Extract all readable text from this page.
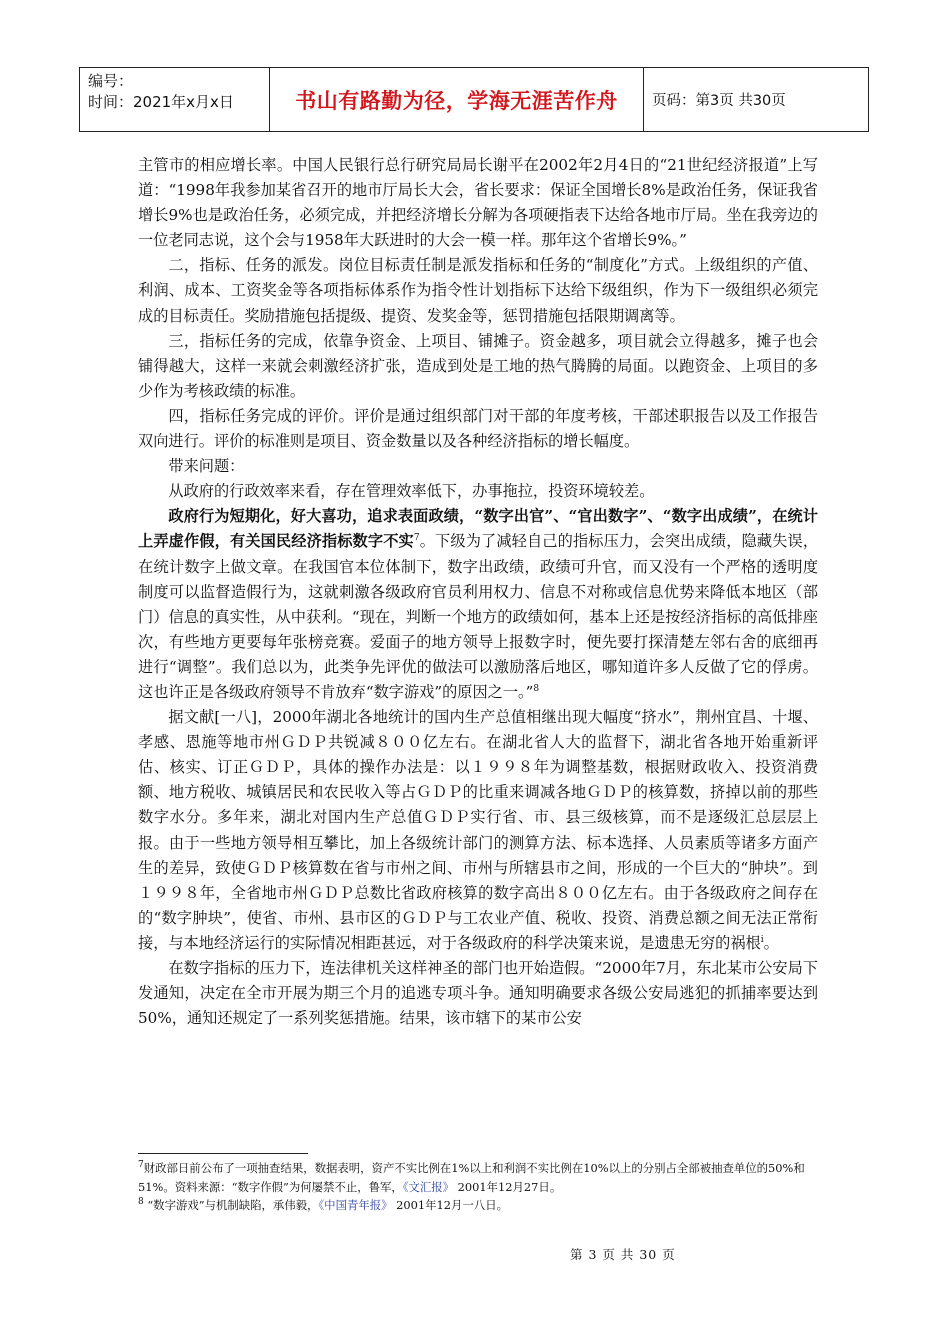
编号：
时间：2021年x月x日	书山有路勤为径，学海无涯苦作舟	页码：第3页 共30页

主管市的相应增长率。中国人民银行总行研究局局长谢平在2002年2月4日的“21世纪经济报道”上写道：“1998年我参加某省召开的地市厅局长大会，省长要求：保证全国增长8%是政治任务，保证我省增长9%也是政治任务，必须完成，并把经济增长分解为各项硬指表下达给各地市厅局。坐在我旁边的一位老同志说，这个会与1958年大跃进时的大会一模一样。那年这个省增长9%。”

二，指标、任务的派发。岗位目标责任制是派发指标和任务的“制度化”方式。上级组织的产值、利润、成本、工资奖金等各项指标体系作为指令性计划指标下达给下级组织，作为下一级组织必须完成的目标责任。奖励措施包括提级、提资、发奖金等，惩罚措施包括限期调离等。

三，指标任务的完成，依靠争资金、上项目、铺摊子。资金越多，项目就会立得越多，摊子也会铺得越大，这样一来就会刺激经济扩张，造成到处是工地的热气腾腾的局面。以跑资金、上项目的多少作为考核政绩的标准。

四，指标任务完成的评价。评价是通过组织部门对干部的年度考核，干部述职报告以及工作报告双向进行。评价的标准则是项目、资金数量以及各种经济指标的增长幅度。

带来问题：

从政府的行政效率来看，存在管理效率低下，办事拖拉，投资环境较差。

政府行为短期化，好大喜功，追求表面政绩，“数字出官”、“官出数字”、“数字出成绩”，在统计上弄虚作假，有关国民经济指标数字不实$^7$。下级为了减轻自己的指标压力，会突出成绩，隐藏失误，在统计数字上做文章。在我国官本位体制下，数字出政绩，政绩可升官，而又没有一个严格的透明度制度可以监督造假行为，这就刺激各级政府官员利用权力、信息不对称或信息优势来降低本地区（部门）信息的真实性，从中获利。“现在，判断一个地方的政绩如何，基本上还是按经济指标的高低排座次，有些地方更要每年张榜竞赛。爱面子的地方领导上报数字时，便先要打探清楚左邻右舍的底细再进行“调整”。我们总以为，此类争先评优的做法可以激励落后地区，哪知道许多人反做了它的俘虏。这也许正是各级政府领导不肯放弃“数字游戏”的原因之一。”$^8$

据文献[一八]，2000年湖北各地统计的国内生产总值相继出现大幅度“挤水”，荆州宜昌、十堰、孝感、恩施等地市州ＧＤＰ共锐减８００亿左右。在湖北省人大的监督下，湖北省各地开始重新评估、核实、订正ＧＤＰ，具体的操作办法是：以１９９８年为调整基数，根据财政收入、投资消费额、地方税收、城镇居民和农民收入等占ＧＤＰ的比重来调减各地ＧＤＰ的核算数，挤掉以前的那些数字水分。多年来，湖北对国内生产总值ＧＤＰ实行省、市、县三级核算，而不是逐级汇总层层上报。由于一些地方领导相互攀比，加上各级统计部门的测算方法、标本选择、人员素质等诸多方面产生的差异，致使ＧＤＰ核算数在省与市州之间、市州与所辖县市之间，形成的一个巨大的“肿块”。到１９９８年，全省地市州ＧＤＰ总数比省政府核算的数字高出８００亿左右。由于各级政府之间存在的“数字肿块”，使省、市州、县市区的ＧＤＰ与工农业产值、税收、投资、消费总额之间无法正常衔接，与本地经济运行的实际情况相距甚远，对于各级政府的科学决策来说，是遗患无穷的祸根$^i$。

在数字指标的压力下，连法律机关这样神圣的部门也开始造假。“2000年7月，东北某市公安局下发通知，决定在全市开展为期三个月的追逃专项斗争。通知明确要求各级公安局逃犯的抓捕率要达到50%，通知还规定了一系列奖惩措施。结果，该市辖下的某市公安

$^7$财政部日前公布了一项抽查结果，数据表明，资产不实比例在1%以上和利润不实比例在10%以上的分别占全部被抽查单位的50%和51%。资料来源：“数字作假”为何屡禁不止，鲁军，《文汇报》 2001年12月27日。

$^8$ “数字游戏”与机制缺陷，承伟毅，《中国青年报》 2001年12月一八日。

第 3 页 共 30 页
